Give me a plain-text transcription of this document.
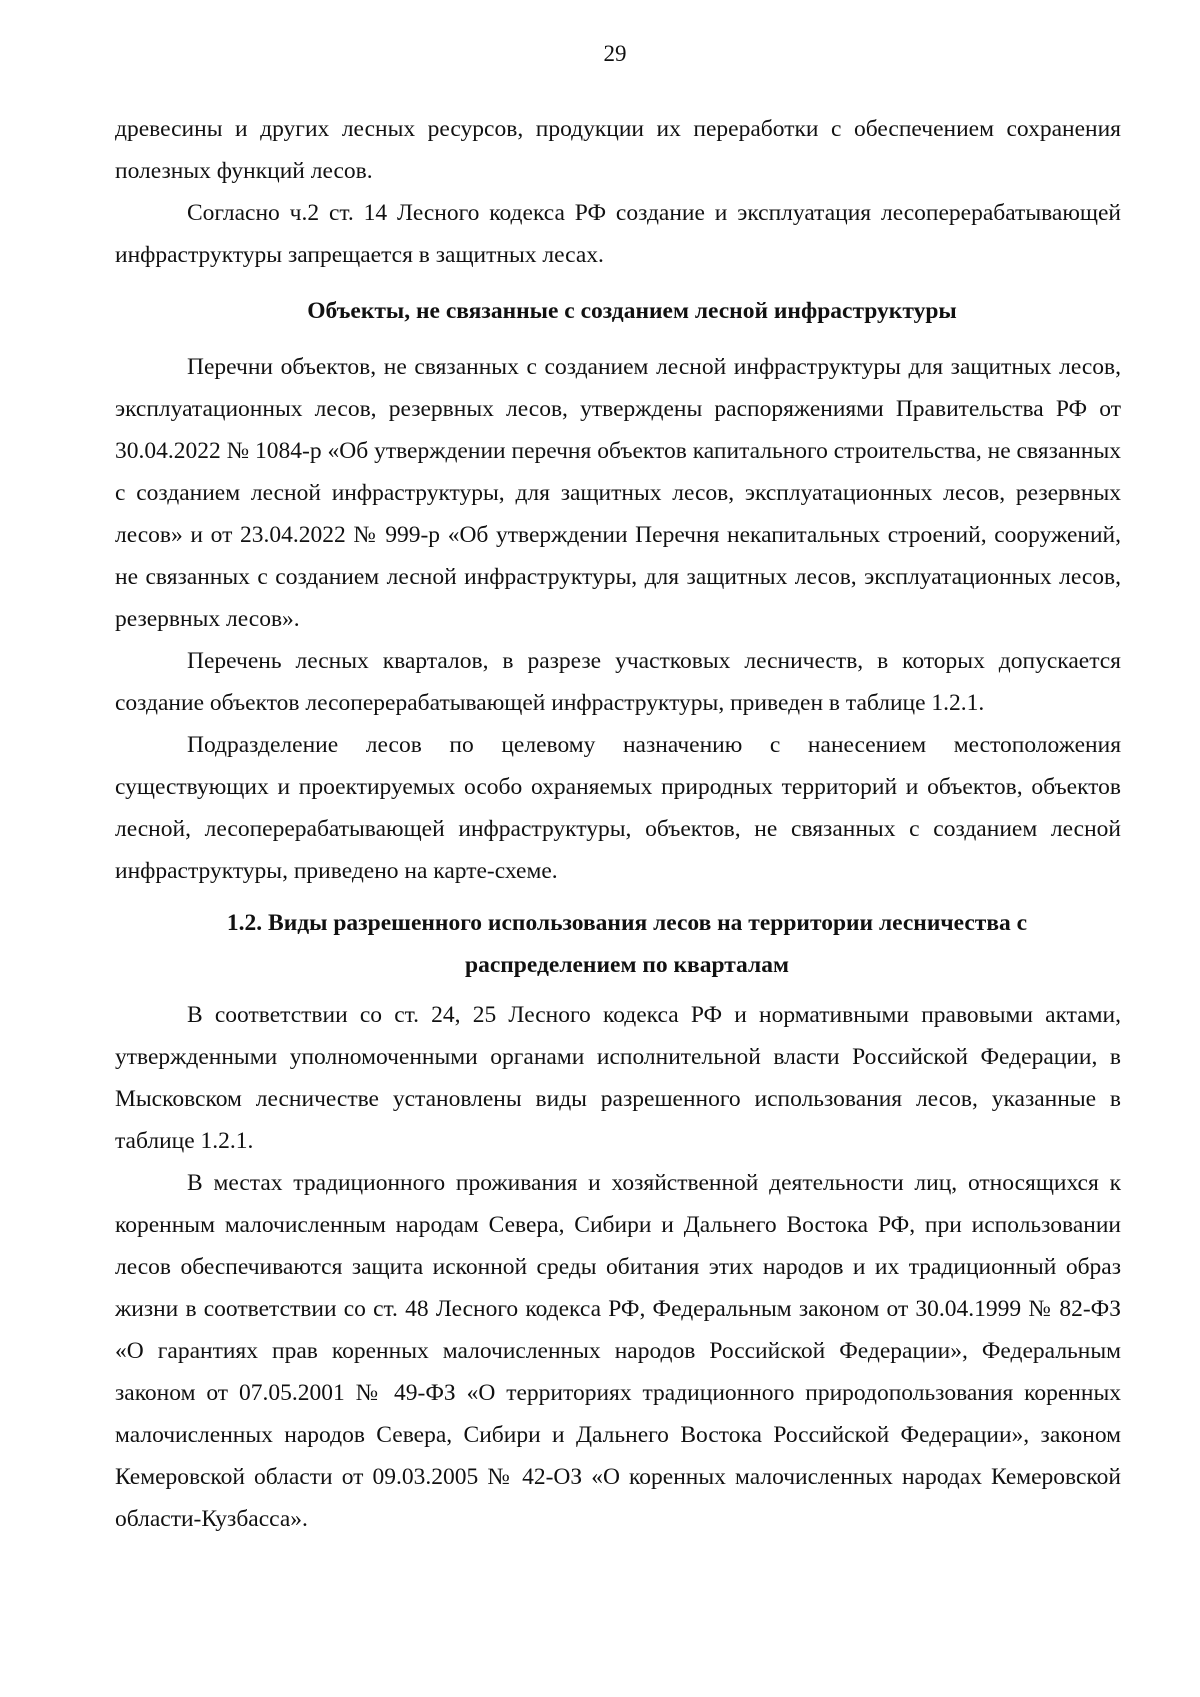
29

древесины и других лесных ресурсов, продукции их переработки с обеспечением сохранения полезных функций лесов.

Согласно ч.2 ст. 14 Лесного кодекса РФ создание и эксплуатация лесоперерабатывающей инфраструктуры запрещается в защитных лесах.

Объекты, не связанные с созданием лесной инфраструктуры

Перечни объектов, не связанных с созданием лесной инфраструктуры для защитных лесов, эксплуатационных лесов, резервных лесов, утверждены распоряжениями Правительства РФ от 30.04.2022 № 1084-р «Об утверждении перечня объектов капитального строительства, не связанных с созданием лесной инфраструктуры, для защитных лесов, эксплуатационных лесов, резервных лесов» и от 23.04.2022 № 999-р «Об утверждении Перечня некапитальных строений, сооружений, не связанных с созданием лесной инфраструктуры, для защитных лесов, эксплуатационных лесов, резервных лесов».

Перечень лесных кварталов, в разрезе участковых лесничеств, в которых допускается создание объектов лесоперерабатывающей инфраструктуры, приведен в таблице 1.2.1.

Подразделение лесов по целевому назначению с нанесением местоположения существующих и проектируемых особо охраняемых природных территорий и объектов, объектов лесной, лесоперерабатывающей инфраструктуры, объектов, не связанных с созданием лесной инфраструктуры, приведено на карте-схеме.

1.2. Виды разрешенного использования лесов на территории лесничества с
распределением по кварталам

В соответствии со ст. 24, 25 Лесного кодекса РФ и нормативными правовыми актами, утвержденными уполномоченными органами исполнительной власти Российской Федерации, в Мысковском лесничестве установлены виды разрешенного использования лесов, указанные в таблице 1.2.1.

В местах традиционного проживания и хозяйственной деятельности лиц, относящихся к коренным малочисленным народам Севера, Сибири и Дальнего Востока РФ, при использовании лесов обеспечиваются защита исконной среды обитания этих народов и их традиционный образ жизни в соответствии со ст. 48 Лесного кодекса РФ, Федеральным законом от 30.04.1999 № 82-ФЗ «О гарантиях прав коренных малочисленных народов Российской Федерации», Федеральным законом от 07.05.2001 № 49-ФЗ «О территориях традиционного природопользования коренных малочисленных народов Севера, Сибири и Дальнего Востока Российской Федерации», законом Кемеровской области от 09.03.2005 № 42-ОЗ «О коренных малочисленных народах Кемеровской области-Кузбасса».
